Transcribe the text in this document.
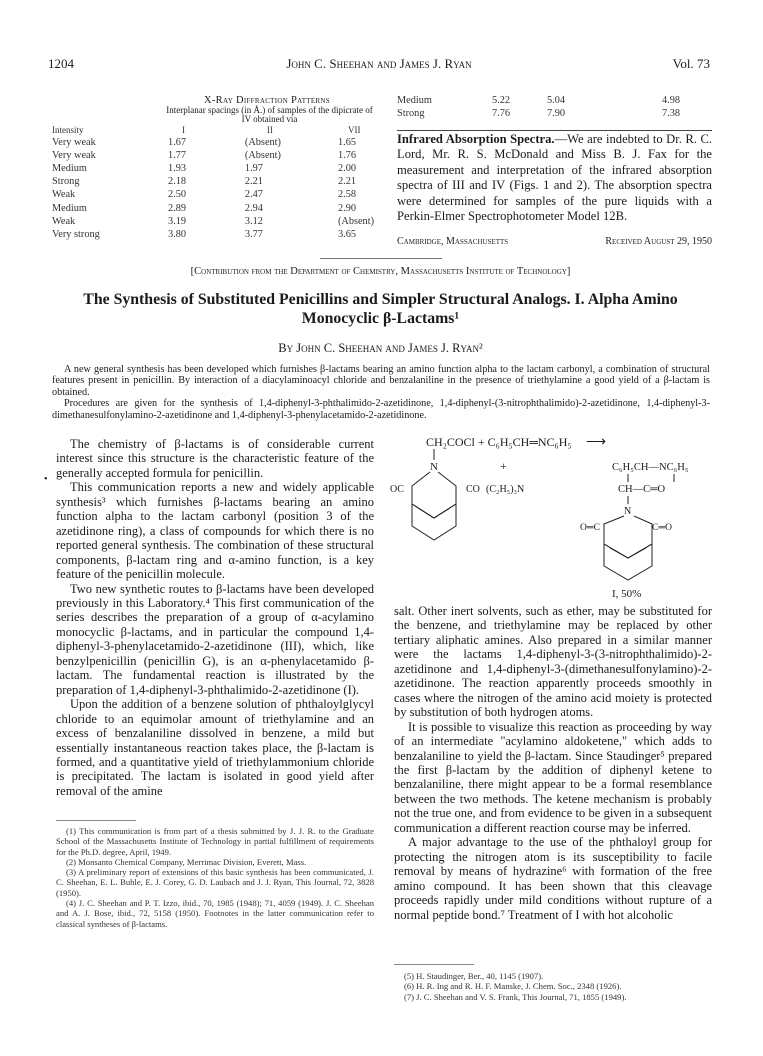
1204	John C. Sheehan and James J. Ryan	Vol. 73
X-Ray Diffraction Patterns
Interplanar spacings (in Å.) of samples of the dipicrate of IV obtained via
Intensity	I	II	VII
Very weak	1.67	(Absent)	1.65
Very weak	1.77	(Absent)	1.76
Medium	1.93	1.97	2.00
Strong	2.18	2.21	2.21
Weak	2.50	2.47	2.58
Medium	2.89	2.94	2.90
Weak	3.19	3.12	(Absent)
Very strong	3.80	3.77	3.65
Medium	5.22	5.04	4.98
Strong	7.76	7.90	7.38
Infrared Absorption Spectra.—We are indebted to Dr. R. C. Lord, Mr. R. S. McDonald and Miss B. J. Fax for the measurement and interpretation of the infrared absorption spectra of III and IV (Figs. 1 and 2). The absorption spectra were determined for samples of the pure liquids with a Perkin-Elmer Spectrophotometer Model 12B.
Cambridge, Massachusetts	Received August 29, 1950
[Contribution from the Department of Chemistry, Massachusetts Institute of Technology]
The Synthesis of Substituted Penicillins and Simpler Structural Analogs. I. Alpha Amino Monocyclic β-Lactams¹
By John C. Sheehan and James J. Ryan²

A new general synthesis has been developed which furnishes β-lactams bearing an amino function alpha to the lactam carbonyl, a combination of structural features present in penicillin. By interaction of a diacylaminoacyl chloride and benzalaniline in the presence of triethylamine a good yield of a β-lactam is obtained.

Procedures are given for the synthesis of 1,4-diphenyl-3-phthalimido-2-azetidinone, 1,4-diphenyl-(3-nitrophthalimido)-2-azetidinone, 1,4-diphenyl-3-dimethanesulfonylamino-2-azetidinone and 1,4-diphenyl-3-phenylacetamido-2-azetidinone.

•

The chemistry of β-lactams is of considerable current interest since this structure is the characteristic feature of the generally accepted formula for penicillin.

This communication reports a new and widely applicable synthesis³ which furnishes β-lactams bearing an amino function alpha to the lactam carbonyl (position 3 of the azetidinone ring), a class of compounds for which there is no reported general synthesis. The combination of these structural components, β-lactam ring and α-amino function, is a key feature of the penicillin molecule.

Two new synthetic routes to β-lactams have been developed previously in this Laboratory.⁴ This first communication of the series describes the preparation of a group of α-acylamino monocyclic β-lactams, and in particular the compound 1,4-diphenyl-3-phenylacetamido-2-azetidinone (III), which, like benzylpenicillin (penicillin G), is an α-phenylacetamido β-lactam. The fundamental reaction is illustrated by the preparation of 1,4-diphenyl-3-phthalimido-2-azetidinone (I).

Upon the addition of a benzene solution of phthaloylglycyl chloride to an equimolar amount of triethylamine and an excess of benzalaniline dissolved in benzene, a mild but essentially instantaneous reaction takes place, the β-lactam is formed, and a quantitative yield of triethylammonium chloride is precipitated. The lactam is isolated in good yield after removal of the amine

(1) This communication is from part of a thesis submitted by J. J. R. to the Graduate School of the Massachusetts Institute of Technology in partial fulfillment of requirements for the Ph.D. degree, April, 1949.

(2) Monsanto Chemical Company, Merrimac Division, Everett, Mass.

(3) A preliminary report of extensions of this basic synthesis has been communicated, J. C. Sheehan, E. L. Buhle, E. J. Corey, G. D. Laubach and J. J. Ryan, This Journal, 72, 3828 (1950).

(4) J. C. Sheehan and P. T. Izzo, ibid., 70, 1985 (1948); 71, 4059 (1949). J. C. Sheehan and A. J. Bose, ibid., 72, 5158 (1950). Footnotes in the latter communication refer to classical syntheses of β-lactams.

CH₂COCl + C₆H₅CH═NC₆H₅ ⟶
N	+
OC	CO (C₂H₅)₃N
C₆H₅CH—NC₆H₅
CH—C═O
N
O═C	C═O
I, 50%

salt. Other inert solvents, such as ether, may be substituted for the benzene, and triethylamine may be replaced by other tertiary aliphatic amines. Also prepared in a similar manner were the lactams 1,4-diphenyl-3-(3-nitrophthalimido)-2-azetidinone and 1,4-diphenyl-3-(dimethanesulfonylamino)-2-azetidinone. The reaction apparently proceeds smoothly in cases where the nitrogen of the amino acid moiety is protected by substitution of both hydrogen atoms.

It is possible to visualize this reaction as proceeding by way of an intermediate "acylamino aldoketene," which adds to benzalaniline to yield the β-lactam. Since Staudinger⁵ prepared the first β-lactam by the addition of diphenyl ketene to benzalaniline, there might appear to be a formal resemblance between the two methods. The ketene mechanism is probably not the true one, and from evidence to be given in a subsequent communication a different reaction course may be inferred.

A major advantage to the use of the phthaloyl group for protecting the nitrogen atom is its susceptibility to facile removal by means of hydrazine⁶ with formation of the free amino compound. It has been shown that this cleavage proceeds rapidly under mild conditions without rupture of a normal peptide bond.⁷ Treatment of I with hot alcoholic

(5) H. Staudinger, Ber., 40, 1145 (1907).

(6) H. R. Ing and R. H. F. Manske, J. Chem. Soc., 2348 (1926).

(7) J. C. Sheehan and V. S. Frank, This Journal, 71, 1855 (1949).
